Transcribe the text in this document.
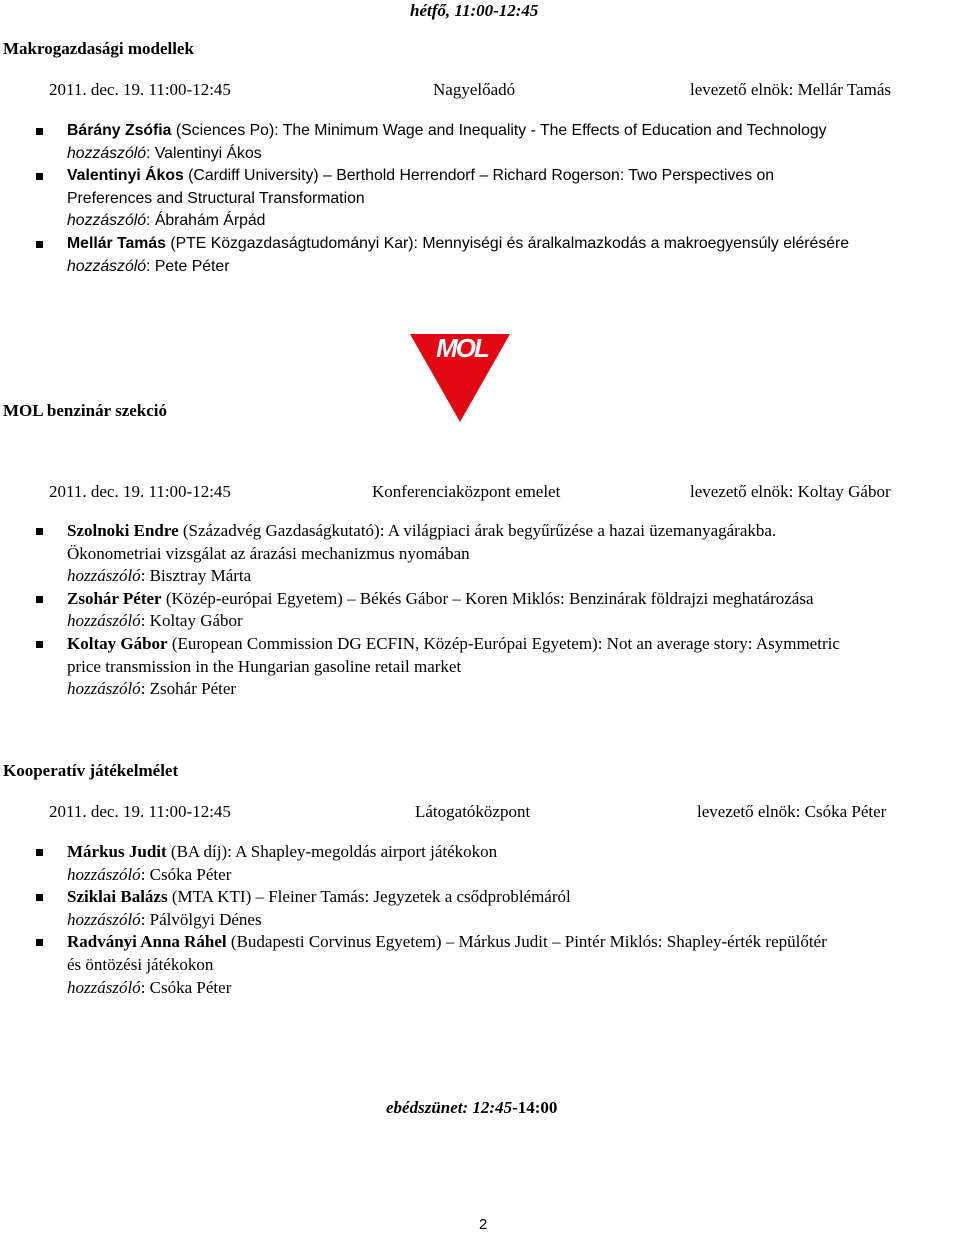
hétfő, 11:00-12:45
Makrogazdasági modellek
2011. dec. 19. 11:00-12:45	Nagyelőadó	levezető elnök: Mellár Tamás
Bárány Zsófia (Sciences Po): The Minimum Wage and Inequality - The Effects of Education and Technology
hozzászóló: Valentinyi Ákos
Valentinyi Ákos (Cardiff University) – Berthold Herrendorf – Richard Rogerson: Two Perspectives on
Preferences and Structural Transformation
hozzászóló: Ábrahám Árpád
Mellár Tamás (PTE Közgazdaságtudományi Kar): Mennyiségi és áralkalmazkodás a makroegyensúly elérésére
hozzászóló: Pete Péter
MOL
MOL benzinár szekció
2011. dec. 19. 11:00-12:45	Konferenciaközpont emelet	levezető elnök: Koltay Gábor
Szolnoki Endre (Századvég Gazdaságkutató): A világpiaci árak begyűrűzése a hazai üzemanyagárakba.
Ökonometriai vizsgálat az árazási mechanizmus nyomában
hozzászóló: Bisztray Márta
Zsohár Péter (Közép-európai Egyetem) – Békés Gábor – Koren Miklós: Benzinárak földrajzi meghatározása
hozzászóló: Koltay Gábor
Koltay Gábor (European Commission DG ECFIN, Közép-Európai Egyetem): Not an average story: Asymmetric
price transmission in the Hungarian gasoline retail market
hozzászóló: Zsohár Péter
Kooperatív játékelmélet
2011. dec. 19. 11:00-12:45	Látogatóközpont	levezető elnök: Csóka Péter
Márkus Judit (BA díj): A Shapley-megoldás airport játékokon
hozzászóló: Csóka Péter
Sziklai Balázs (MTA KTI) – Fleiner Tamás: Jegyzetek a csődproblémáról
hozzászóló: Pálvölgyi Dénes
Radványi Anna Ráhel (Budapesti Corvinus Egyetem) – Márkus Judit – Pintér Miklós: Shapley-érték repülőtér
és öntözési játékokon
hozzászóló: Csóka Péter
ebédszünet: 12:45-14:00
2
